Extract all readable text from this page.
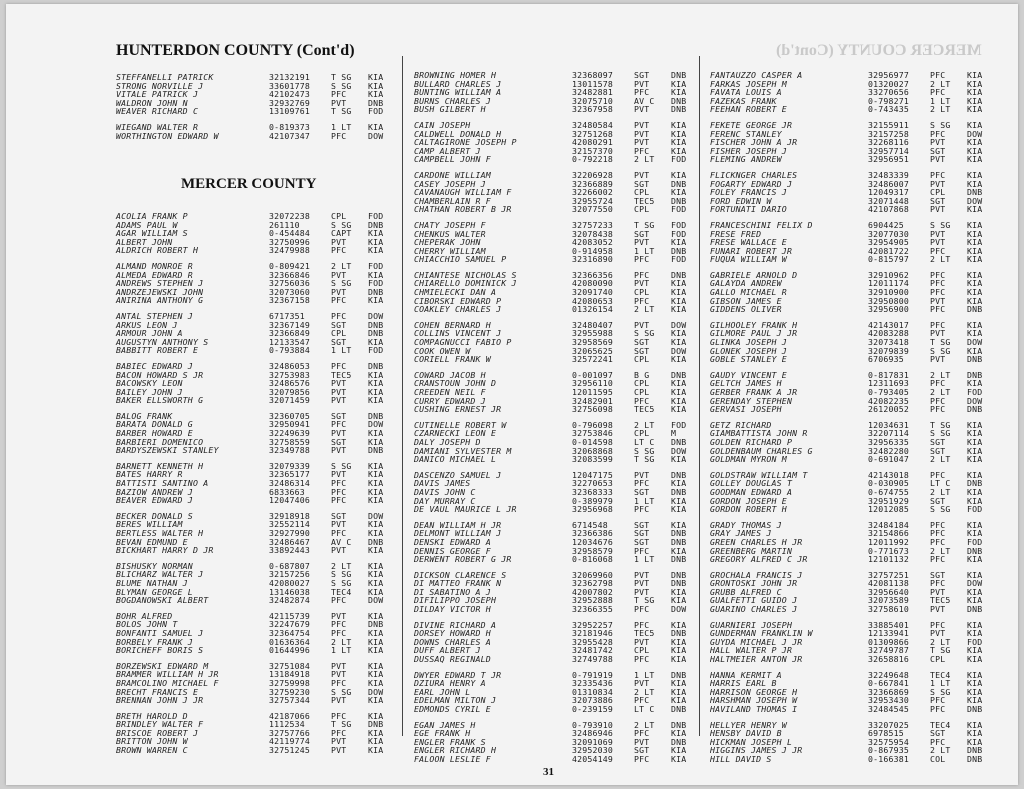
MERCER COUNTY (Cont'd)
HUNTERDON COUNTY (Cont'd)
MERCER COUNTY
STEFFANELLI PATRICK	32132191	T SG	KIA
STRONG NORVILLE J	33601778	S SG	KIA
VITALE PATRICK J	42102473	PFC	KIA
WALDRON JOHN N	32932769	PVT	DNB
WEAVER RICHARD C	13109761	T SG	FOD
WIEGAND WALTER R	0-819373	1 LT	KIA
WORTHINGTON EDWARD W	42107347	PFC	DOW
ACOLIA FRANK P	32072238	CPL	FOD
ADAMS PAUL W	261110	S SG	DNB
AGAR WILLIAM S	0-454484	CAPT	KIA
ALBERT JOHN	32750996	PVT	KIA
ALDRICH ROBERT H	32479988	PFC	KIA
ALMAND MONROE R	0-809421	2 LT	FOD
ALMEDA EDWARD R	32366846	PVT	KIA
ANDREWS STEPHEN J	32756036	S SG	FOD
ANDRZEJEWSKI JOHN	32073060	PVT	DNB
ANIRINA ANTHONY G	32367158	PFC	KIA
ANTAL STEPHEN J	6717351	PFC	DOW
ARKUS LEON J	32367149	SGT	DNB
ARMOUR JOHN A	32366849	CPL	DNB
AUGUSTYN ANTHONY S	12133547	SGT	KIA
BABBITT ROBERT E	0-793884	1 LT	FOD
BABIEC EDWARD J	32486053	PFC	DNB
BACON HOWARD S JR	32753983	TEC5	KIA
BACOWSKY LEON	32486576	PVT	KIA
BAILEY JOHN J	32079856	PVT	KIA
BAKER ELLSWORTH G	32071459	PVT	KIA
BALOG FRANK	32360705	SGT	DNB
BARATA DONALD G	32950941	PFC	DOW
BARBER HOWARD E	32249639	PVT	KIA
BARBIERI DOMENICO	32758559	SGT	KIA
BARDYSZEWSKI STANLEY	32349788	PVT	DNB
BARNETT KENNETH H	32079339	S SG	KIA
BATES HARRY R	32365177	PVT	KIA
BATTISTI SANTINO A	32486314	PFC	KIA
BAZIOW ANDREW J	6833663	PFC	KIA
BEAVER EDWARD J	12047406	PFC	KIA
BECKER DONALD S	32918918	SGT	DOW
BERES WILLIAM	32552114	PVT	KIA
BERTLESS WALTER H	32927990	PFC	KIA
BEVAN EDMUND E	32486467	AV C	DNB
BICKHART HARRY D JR	33892443	PVT	KIA
BISHUSKY NORMAN	0-687807	2 LT	KIA
BLICHARZ WALTER J	32157256	S SG	KIA
BLUME NATHAN J	42080027	S SG	KIA
BLYMAN GEORGE L	13146038	TEC4	KIA
BOGDANOWSKI ALBERT	32482874	PFC	DOW
BOHR ALFRED	42115739	PVT	KIA
BOLOS JOHN T	32247679	PFC	DNB
BONFANTI SAMUEL J	32364754	PFC	KIA
BORBELY FRANK J	01636364	2 LT	KIA
BORICHEFF BORIS S	01644996	1 LT	KIA
BORZEWSKI EDWARD M	32751084	PVT	KIA
BRAMMER WILLIAM H JR	13184918	PVT	KIA
BRAMCOLINO MICHAEL F	32759998	PFC	KIA
BRECHT FRANCIS E	32759230	S SG	DOW
BRENNAN JOHN J JR	32757344	PVT	KIA
BRETH HAROLD D	42187066	PFC	KIA
BRINDLEY WALTER F	1112534	T SG	DNB
BRISCOE ROBERT J	32757766	PFC	KIA
BRITTON JOHN W	42119774	PVT	KIA
BROWN WARREN C	32751245	PVT	KIA
BROWNING HOMER H	32368097	SGT	DNB
BULLARD CHARLES J	13011578	PVT	KIA
BUNTING WILLIAM A	32482881	PFC	KIA
BURNS CHARLES J	32075710	AV C	DNB
BUSH GILBERT H	32367958	PVT	DNB
CAIN JOSEPH	32480584	PVT	KIA
CALDWELL DONALD H	32751268	PVT	KIA
CALTAGIRONE JOSEPH P	42080291	PVT	KIA
CAMP ALBERT J	32157370	PFC	KIA
CAMPBELL JOHN F	0-792218	2 LT	FOD
CARDONE WILLIAM	32206928	PVT	KIA
CASEY JOSEPH J	32366889	SGT	DNB
CAVANAUGH WILLIAM F	32266002	CPL	KIA
CHAMBERLAIN R F	32955724	TEC5	DNB
CHATHAN ROBERT B JR	32077550	CPL	FOD
CHATY JOSEPH F	32757233	T SG	FOD
CHENKUS WALTER	32078438	SGT	FOD
CHEPERAK JOHN	42083052	PVT	KIA
CHERRY WILLIAM	0-914958	1 LT	DNB
CHIACCHIO SAMUEL P	32316890	PFC	FOD
CHIANTESE NICHOLAS S	32366356	PFC	DNB
CHIARELLO DOMINICK J	42080090	PVT	KIA
CHMIELECKI DAN A	32091740	CPL	KIA
CIBORSKI EDWARD P	42080653	PFC	KIA
COAKLEY CHARLES J	01326154	2 LT	KIA
COHEN BERNARD H	32480407	PVT	DOW
COLLINS VINCENT J	32955988	S SG	KIA
COMPAGNUCCI FABIO P	32958569	SGT	KIA
COOK OWEN W	32065625	SGT	DOW
CORIELL FRANK W	32572241	CPL	KIA
COWARD JACOB H	0-001097	B G	DNB
CRANSTOUN JOHN D	32956110	CPL	KIA
CREEDEN NEIL F	12011595	CPL	KIA
CURRY EDWARD J	32482901	PFC	KIA
CUSHING ERNEST JR	32756098	TEC5	KIA
CUTINELLE ROBERT W	0-796098	2 LT	FOD
CZARNECKI LEON E	32753846	CPL	M
DALY JOSEPH D	0-014598	LT C	DNB
DAMIANI SYLVESTER M	32068868	S SG	DOW
DANICO MICHAEL L	32083599	T SG	KIA
DASCENZO SAMUEL J	12047175	PVT	DNB
DAVIS JAMES	32270653	PFC	KIA
DAVIS JOHN C	32368333	SGT	DNB
DAY MURRAY C	0-389979	1 LT	KIA
DE VAUL MAURICE L JR	32956968	PFC	KIA
DEAN WILLIAM H JR	6714548	SGT	KIA
DELMONT WILLIAM J	32366386	SGT	DNB
DENSKI EDWARD A	12034676	SGT	DNB
DENNIS GEORGE F	32958579	PFC	KIA
DERWENT ROBERT G JR	0-816068	1 LT	DNB
DICKSON CLARENCE S	32069960	PVT	DNB
DI MATTEO FRANK N	32362798	PVT	DNB
DI SABATINO A J	42007802	PVT	KIA
DIFILIPPO JOSEPH	32952888	T SG	KIA
DILDAY VICTOR H	32366355	PFC	DOW
DIVINE RICHARD A	32952257	PFC	KIA
DORSEY HOWARD H	32181946	TEC5	DNB
DOWNS CHARLES A	32955428	PVT	KIA
DUFF ALBERT J	32481742	CPL	KIA
DUSSAQ REGINALD	32749788	PFC	KIA
DWYER EDWARD T JR	0-791919	1 LT	DNB
DZIURA HENRY A	32335436	PVT	KIA
EARL JOHN L	01310834	2 LT	KIA
EDELMAN MILTON J	32073886	PFC	KIA
EDMONDS CYRIL E	0-239159	LT C	DNB
EGAN JAMES H	0-793910	2 LT	DNB
EGE FRANK H	32486946	PFC	KIA
ENGLER FRANK S	32091069	PVT	DNB
ENGLER RICHARD H	32952030	SGT	KIA
FALOON LESLIE F	42054149	PFC	KIA
FANTAUZZO CASPER A	32956977	PFC	KIA
FARKAS JOSEPH M	01320027	2 LT	KIA
FAVATA LOUIS A	33270656	PFC	KIA
FAZEKAS FRANK	0-798271	1 LT	KIA
FEEHAN ROBERT E	0-743435	2 LT	KIA
FEKETE GEORGE JR	32155911	S SG	KIA
FERENC STANLEY	32157258	PFC	DOW
FISCHER JOHN A JR	32268116	PVT	KIA
FISHER JOSEPH J	32957714	SGT	KIA
FLEMING ANDREW	32956951	PVT	KIA
FLICKNGER CHARLES	32483339	PFC	KIA
FOGARTY EDWARD J	32486007	PVT	KIA
FOLEY FRANCIS J	12049317	CPL	DNB
FORD EDWIN W	32071448	SGT	DOW
FORTUNATI DARIO	42107868	PVT	KIA
FRANCESCHINI FELIX D	6904425	S SG	KIA
FRESE FRED	32077030	PVT	KIA
FRESE WALLACE E	32954905	PVT	KIA
FUNARI ROBERT JR	42081722	PFC	KIA
FUQUA WILLIAM W	0-815797	2 LT	KIA
GABRIELE ARNOLD D	32910962	PFC	KIA
GALAYDA ANDREW	12011174	PFC	KIA
GALLO MICHAEL R	32910900	PFC	KIA
GIBSON JAMES E	32950800	PVT	KIA
GIDDENS OLIVER	32956900	PFC	DNB
GILHOOLEY FRANK H	42143017	PFC	KIA
GILMORE PAUL J JR	42083288	PVT	KIA
GLINKA JOSEPH J	32073418	T SG	DOW
GLONEK JOSEPH J	32079839	S SG	KIA
GOBLE STANLEY E	6706935	PVT	DNB
GAUDY VINCENT E	0-817831	2 LT	DNB
GELTCH JAMES H	12311693	PFC	KIA
GERBER FRANK A JR	0-793405	2 LT	FOD
GERENDAY STEPHEN	42082235	PFC	DOW
GERVASI JOSEPH	26120052	PFC	DNB
GETZ RICHARD	12034631	T SG	KIA
GIAMBATTISTA JOHN R	32207114	S SG	KIA
GOLDEN RICHARD P	32956335	SGT	KIA
GOLDENBAUM CHARLES G	32482280	SGT	KIA
GOLDMAN MYRON M	0-691047	2 LT	KIA
GOLDSTRAW WILLIAM T	42143018	PFC	KIA
GOLLEY DOUGLAS T	0-030905	LT C	DNB
GOODMAN EDWARD A	0-674755	2 LT	KIA
GORDON JOSEPH E	32951929	SGT	KIA
GORDON ROBERT H	12012085	S SG	FOD
GRADY THOMAS J	32484184	PFC	KIA
GRAY JAMES J	32154866	PFC	KIA
GREEN CHARLES H JR	12011992	PFC	FOD
GREENBERG MARTIN	0-771673	2 LT	DNB
GREGORY ALFRED C JR	12101132	PFC	KIA
GROCHALA FRANCIS J	32757251	SGT	KIA
GRONTOSKI JOHN JR	42081138	PFC	DOW
GRUBB ALFRED C	32956640	PVT	KIA
GUALFETTI GUIDO J	32073589	TEC5	KIA
GUARINO CHARLES J	32758610	PVT	DNB
GUARNIERI JOSEPH	33885401	PFC	KIA
GUNDERMAN FRANKLIN W	12133941	PVT	KIA
GUYDA MICHAEL J JR	01309866	2 LT	FOD
HALL WALTER P JR	32749787	T SG	KIA
HALTMEIER ANTON JR	32658816	CPL	KIA
HANNA KERMIT A	32249648	TEC4	KIA
HARRIS EARL B	0-667841	1 LT	KIA
HARRISON GEORGE H	32366869	S SG	KIA
HARSHMAN JOSEPH W	32953430	PFC	KIA
HAVILAND THOMAS I	32484545	PFC	DNB
HELLYER HENRY W	33207025	TEC4	KIA
HENSBY DAVID B	6978515	SGT	KIA
HICKMAN JOSEPH L	32575954	PFC	KIA
HIGGINS JAMES J JR	0-867935	2 LT	DNB
HILL DAVID S	0-166381	COL	DNB
31
